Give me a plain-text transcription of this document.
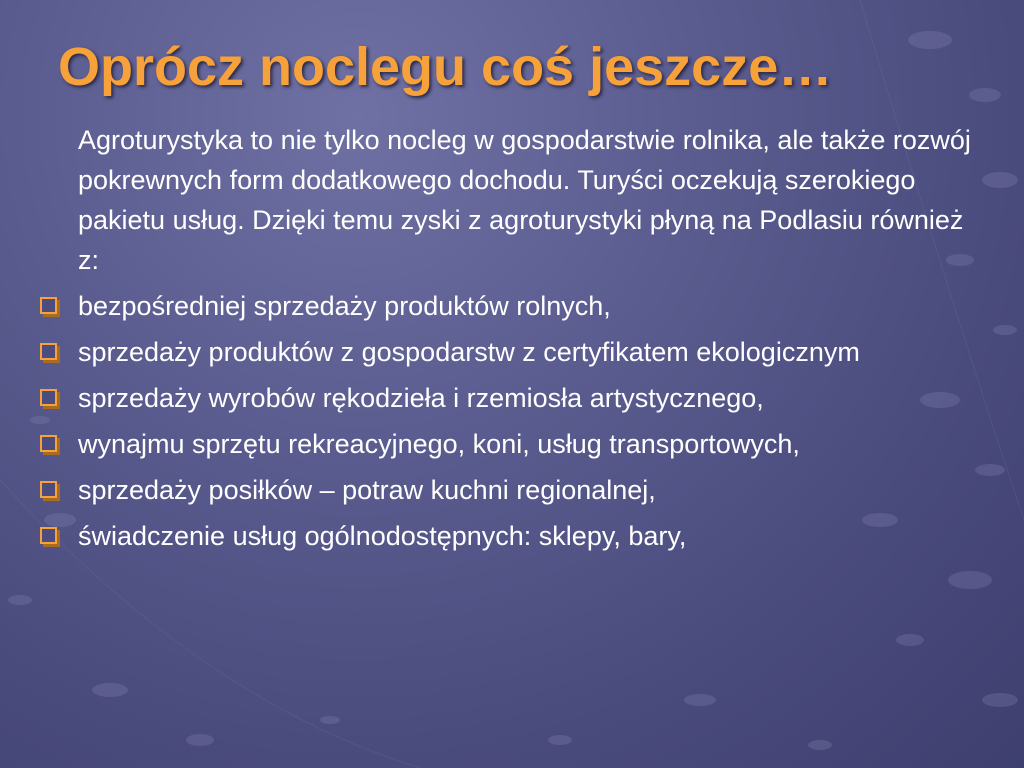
Oprócz noclegu coś jeszcze…

Agroturystyka to nie tylko nocleg w gospodarstwie rolnika, ale także rozwój pokrewnych form dodatkowego dochodu. Turyści oczekują szerokiego pakietu usług. Dzięki temu zyski z agroturystyki płyną na Podlasiu również z:

bezpośredniej sprzedaży produktów rolnych,
sprzedaży produktów z gospodarstw z certyfikatem ekologicznym
sprzedaży wyrobów rękodzieła i rzemiosła artystycznego,
wynajmu sprzętu rekreacyjnego, koni, usług transportowych,
sprzedaży posiłków – potraw kuchni regionalnej,
świadczenie usług ogólnodostępnych: sklepy, bary,
